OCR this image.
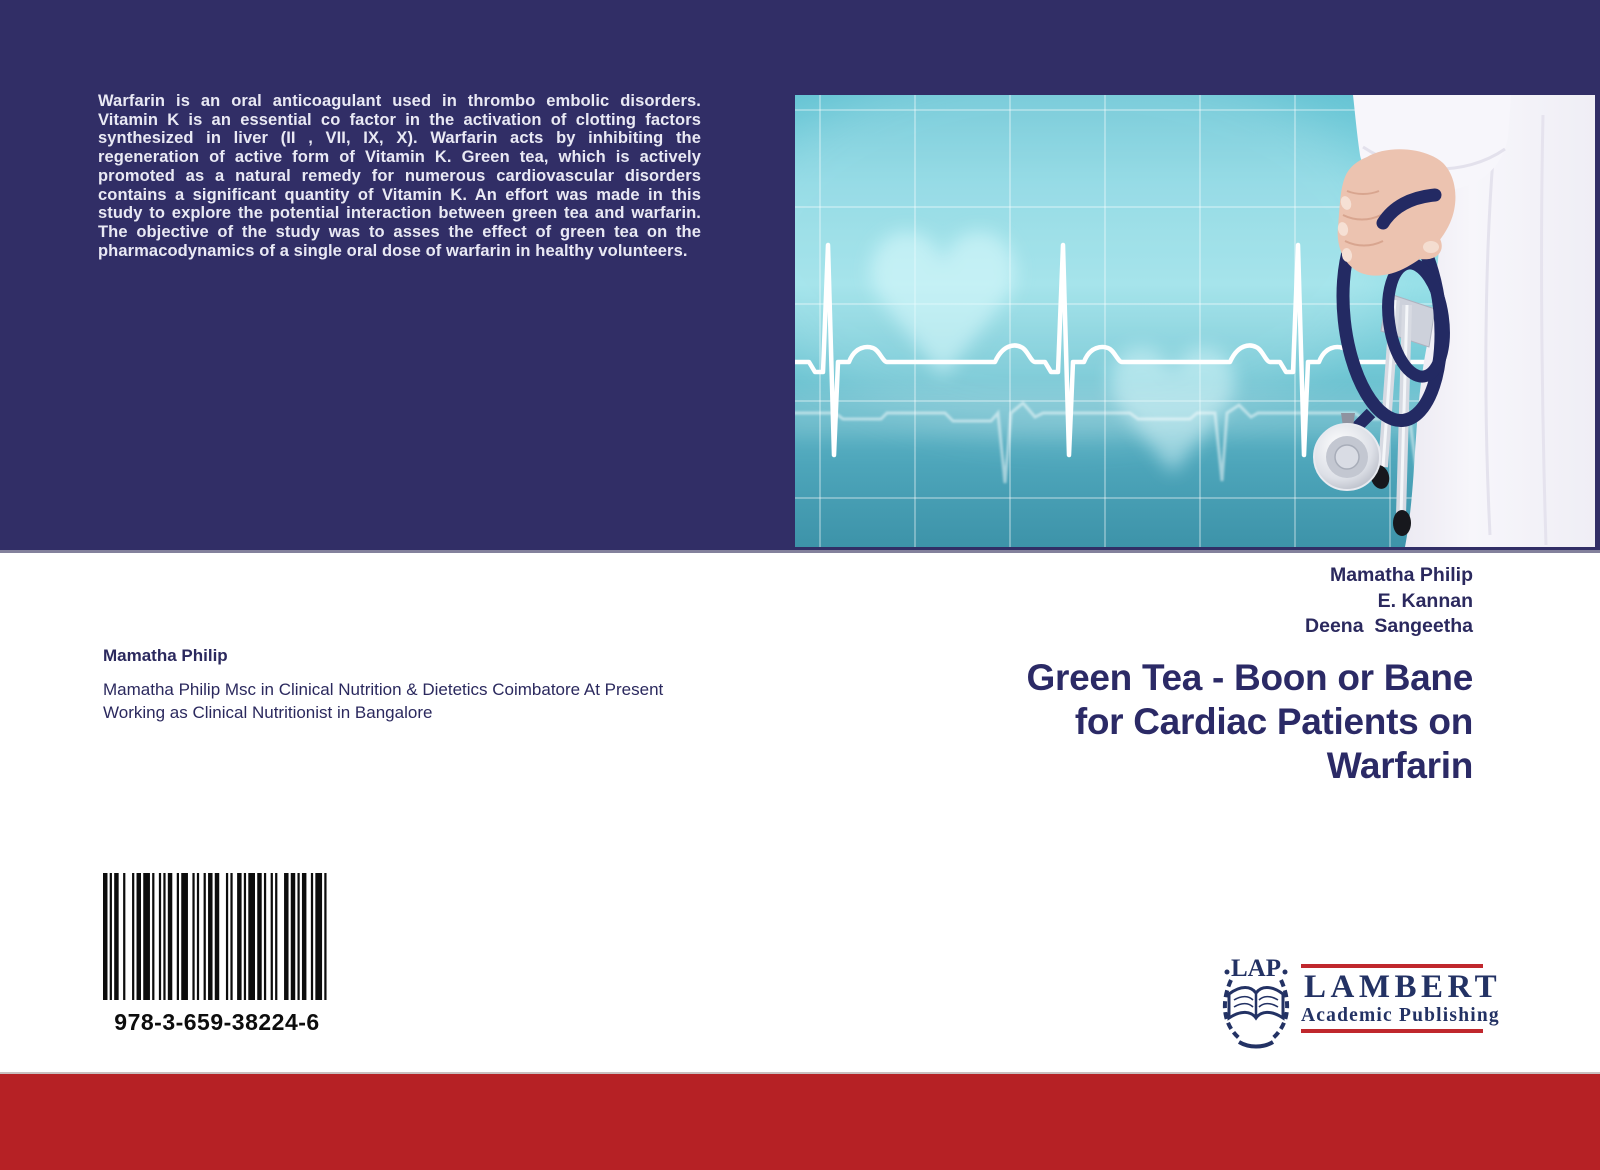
Warfarin is an oral anticoagulant used in thrombo embolic disorders. Vitamin K is an essential co factor in the activation of clotting factors synthesized in liver (II , VII, IX, X). Warfarin acts by inhibiting the regeneration of active form of Vitamin K. Green tea, which is actively promoted as a natural remedy for numerous cardiovascular disorders contains a significant quantity of Vitamin K. An effort was made in this study to explore the potential interaction between green tea and warfarin. The objective of the study was to asses the effect of green tea on the pharmacodynamics of a single oral dose of warfarin in healthy volunteers.
Mamatha Philip
E. Kannan
Deena  Sangeetha
Green Tea - Boon or Bane
for Cardiac Patients on
Warfarin
Mamatha Philip
Mamatha Philip Msc in Clinical Nutrition & Dietetics Coimbatore At Present Working as Clinical Nutritionist in Bangalore
978-3-659-38224-6
LAP LAMBERT
Academic Publishing
